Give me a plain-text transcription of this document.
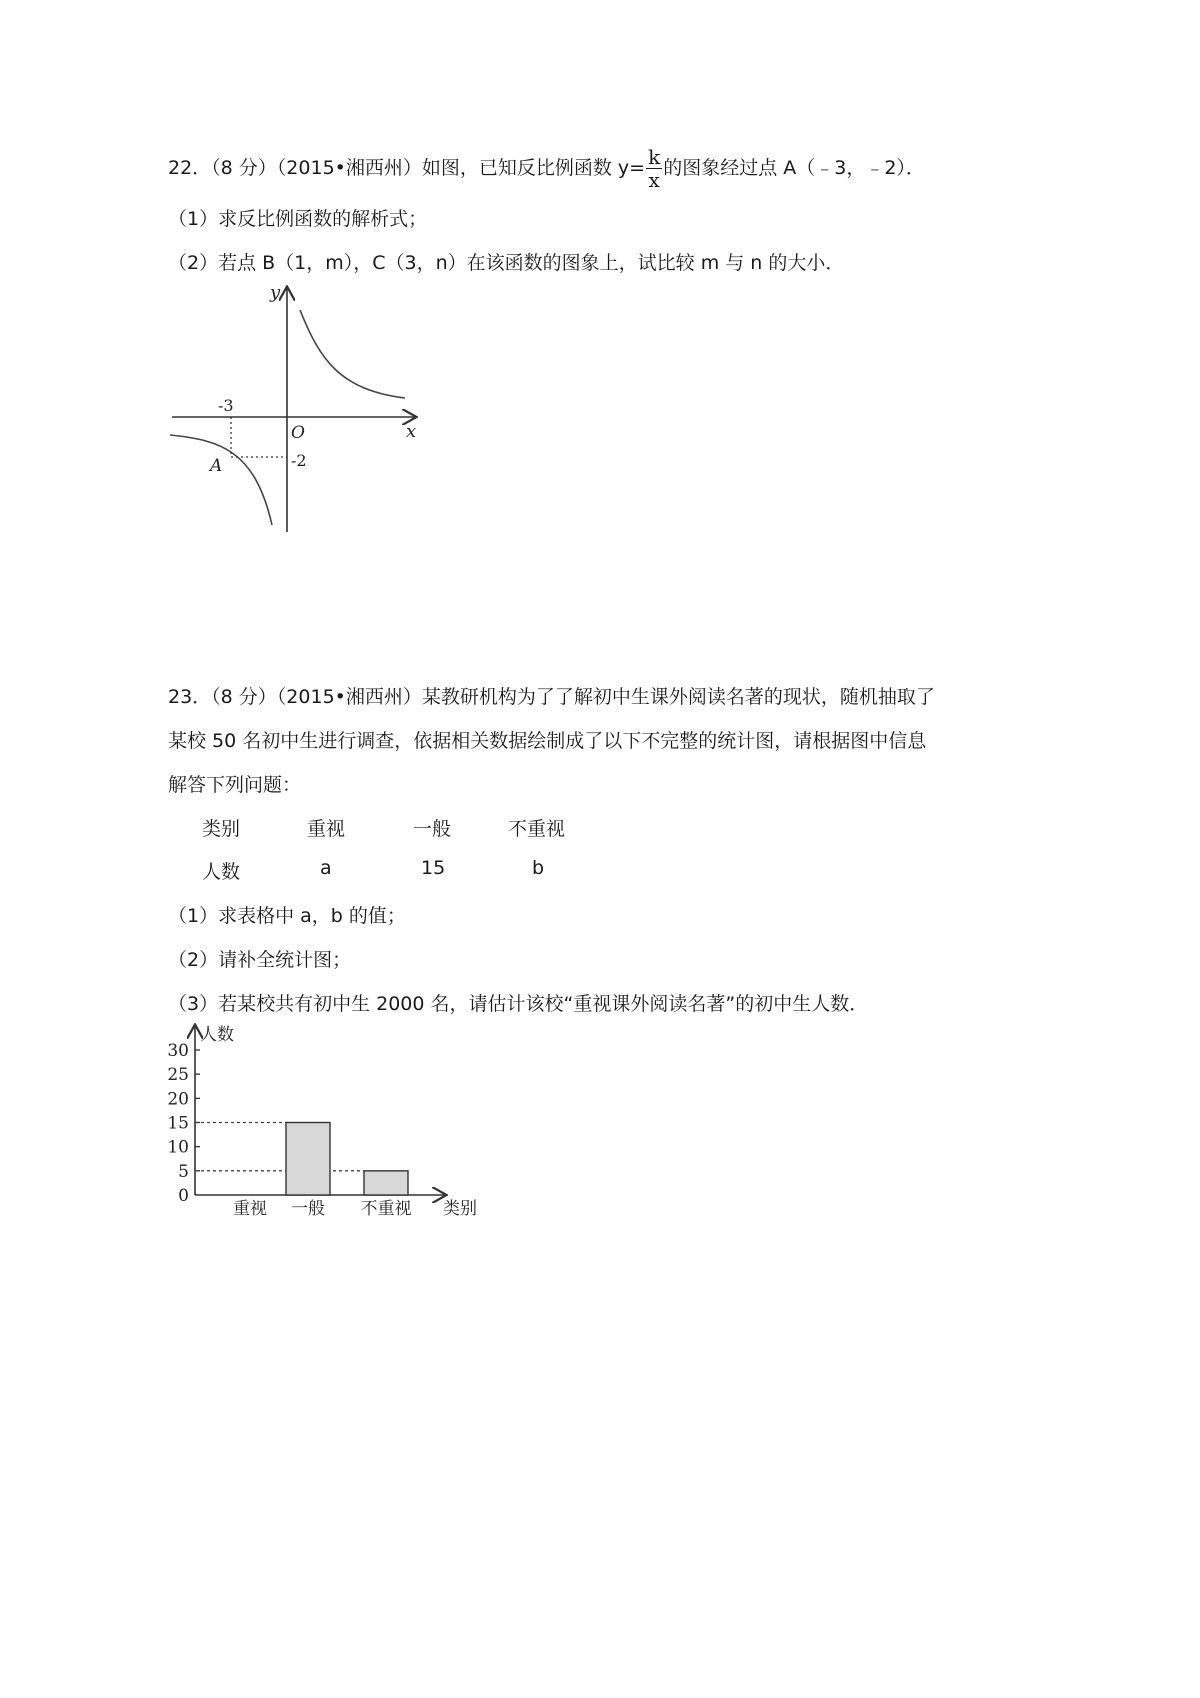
22．（8 分）（2015•湘西州）如图，已知反比例函数 $y= \frac{k}{x}$ 的图象经过点 A（﹣3，﹣2）．
（1）求反比例函数的解析式；
（2）若点 B（1，m），C（3，n）在该函数的图象上，试比较 m 与 n 的大小．
y
x
O
-3
-2
A
23．（8 分）（2015•湘西州）某教研机构为了了解初中生课外阅读名著的现状，随机抽取了
某校 50 名初中生进行调查，依据相关数据绘制成了以下不完整的统计图，请根据图中信息
解答下列问题：
类别	重视	一般	不重视
人数	a	15	b
（1）求表格中 a，b 的值；
（2）请补全统计图；
（3）若某校共有初中生 2000 名，请估计该校“重视课外阅读名著”的初中生人数．
0
5
10
15
20
25
30
重视 一般 不重视
人数
类别
